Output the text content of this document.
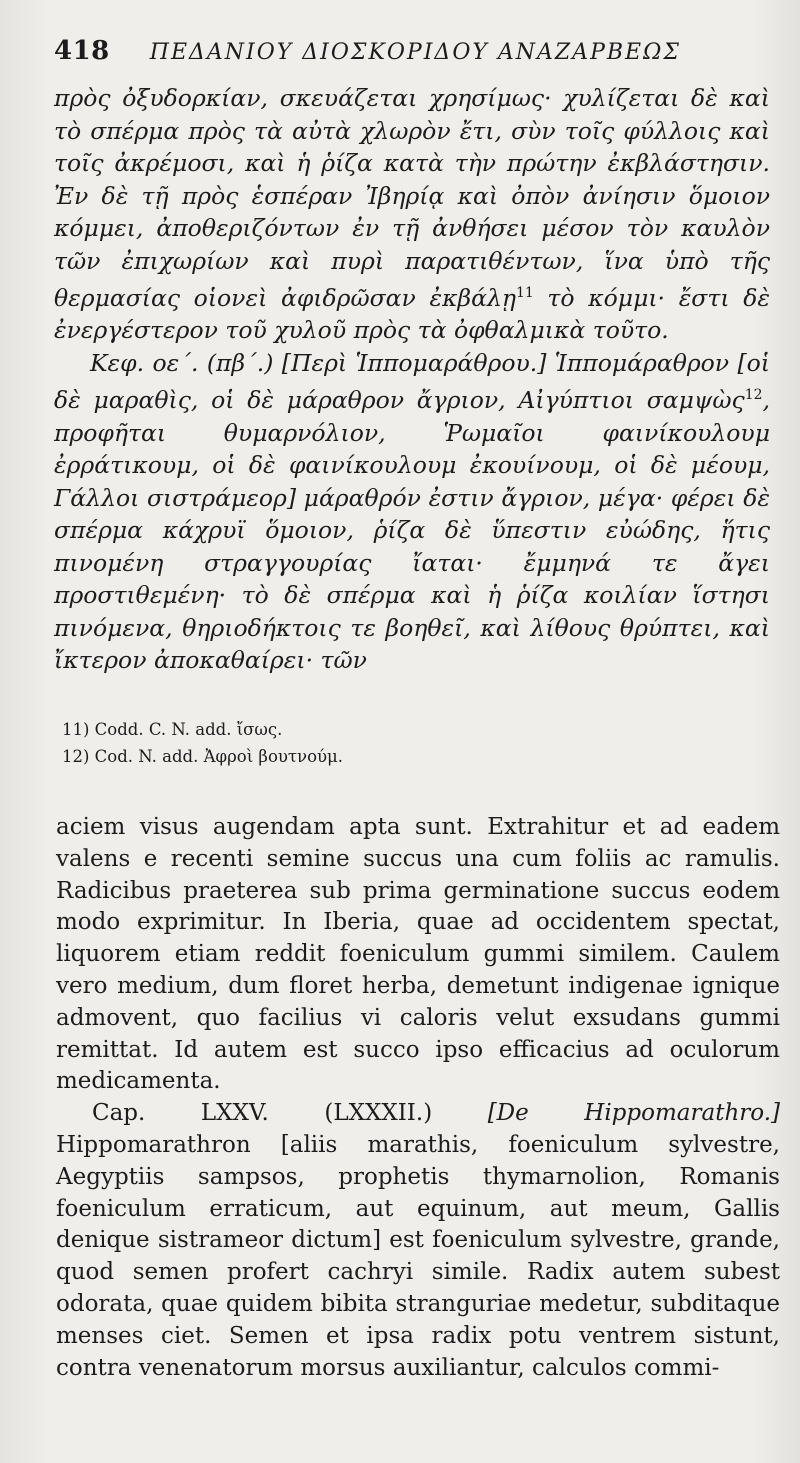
418 ΠΕΔΑΝΙΟΥ ΔΙΟΣΚΟΡΙΔΟΥ ΑΝΑΖΑΡΒΕΩΣ

πρὸς ὀξυδορκίαν, σκευάζεται χρησίμως· χυλίζεται δὲ καὶ τὸ σπέρμα πρὸς τὰ αὐτὰ χλωρὸν ἔτι, σὺν τοῖς φύλλοις καὶ τοῖς ἀκρέμοσι, καὶ ἡ ῥίζα κατὰ τὴν πρώτην ἐκβλάστησιν. Ἐν δὲ τῇ πρὸς ἑσπέραν Ἰβηρίᾳ καὶ ὀπὸν ἀνίησιν ὅμοιον κόμμει, ἀποθεριζόντων ἐν τῇ ἀνθήσει μέσον τὸν καυλὸν τῶν ἐπιχωρίων καὶ πυρὶ παρατιθέντων, ἵνα ὑπὸ τῆς θερμασίας οἱονεὶ ἀφιδρῶσαν ἐκβάλῃ$^{11}$ τὸ κόμμι· ἔστι δὲ ἐνεργέστερον τοῦ χυλοῦ πρὸς τὰ ὀφθαλμικὰ τοῦτο.

Κεφ. οε΄. (πβ΄.) [Περὶ Ἱππομαράθρου.] Ἱππομάραθρον [οἱ δὲ μαραθὶς, οἱ δὲ μάραθρον ἄγριον, Αἰγύπτιοι σαμψὼς$^{12}$, προφῆται θυμαρνόλιον, Ῥωμαῖοι φαινίκουλουμ ἐρράτικουμ, οἱ δὲ φαινίκουλουμ ἐκουίνουμ, οἱ δὲ μέουμ, Γάλλοι σιστράμεορ] μάραθρόν ἐστιν ἄγριον, μέγα· φέρει δὲ σπέρμα κάχρυϊ ὅμοιον, ῥίζα δὲ ὕπεστιν εὐώδης, ἥτις πινομένη στραγγουρίας ἴαται· ἔμμηνά τε ἄγει προστιθεμένη· τὸ δὲ σπέρμα καὶ ἡ ῥίζα κοιλίαν ἵστησι πινόμενα, θηριοδήκτοις τε βοηθεῖ, καὶ λίθους θρύπτει, καὶ ἴκτερον ἀποκαθαίρει· τῶν

11) Codd. C. N. add. ἴσως.
12) Cod. N. add. Ἀφροὶ βουτνούμ.

aciem visus augendam apta sunt. Extrahitur et ad eadem valens e recenti semine succus una cum foliis ac ramulis. Radicibus praeterea sub prima germinatione succus eodem modo exprimitur. In Iberia, quae ad occidentem spectat, liquorem etiam reddit foeniculum gummi similem. Caulem vero medium, dum floret herba, demetunt indigenae ignique admovent, quo facilius vi caloris velut exsudans gummi remittat. Id autem est succo ipso efficacius ad oculorum medicamenta.

Cap. LXXV. (LXXXII.) [De Hippomarathro.] Hippomarathron [aliis marathis, foeniculum sylvestre, Aegyptiis sampsos, prophetis thymarnolion, Romanis foeniculum erraticum, aut equinum, aut meum, Gallis denique sistrameor dictum] est foeniculum sylvestre, grande, quod semen profert cachryi simile. Radix autem subest odorata, quae quidem bibita stranguriae medetur, subditaque menses ciet. Semen et ipsa radix potu ventrem sistunt, contra venenatorum morsus auxiliantur, calculos commi-
